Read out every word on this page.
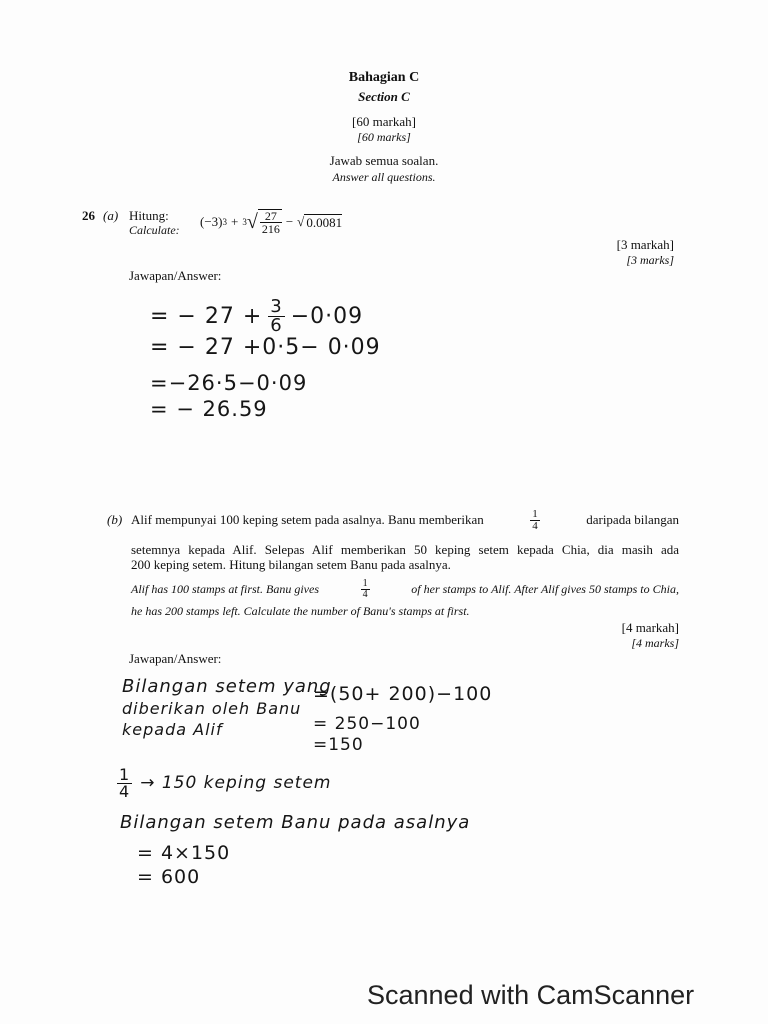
Bahagian C
Section C
[60 markah]
[60 marks]
Jawab semua soalan.
Answer all questions.
26 (a) Hitung:
Calculate:
(−3) 3 + 3 √ $\frac{27}{216}$ − √ 0.0081
[3 markah]
[3 marks]
Jawapan/Answer:
= − $27 + \frac{3}{6} -0\cdot 09$
= − 27 +0·5− 0·09
=−26·5−0·09
= − 26.59
(b) Alif mempunyai 100 keping setem pada asalnya. Banu memberikan	$\frac{1}{4}$	daripada bilangan
setemnya kepada Alif. Selepas Alif memberikan 50 keping setem kepada Chia, dia masih ada
200 keping setem. Hitung bilangan setem Banu pada asalnya.
Alif has 100 stamps at first. Banu gives	$\frac{1}{4}$	of her stamps to Alif. After Alif gives 50 stamps to Chia,
he has 200 stamps left. Calculate the number of Banu's stamps at first.
[4 markah]
[4 marks]
Jawapan/Answer:
Bilangan setem yang
diberikan oleh Banu
kepada Alif
=(50+ 200)−100
= 250−100
=150
$\frac{1}{4} \to 150$ keping setem
Bilangan setem Banu pada asalnya
= 4×150
= 600
Scanned with CamScanner
